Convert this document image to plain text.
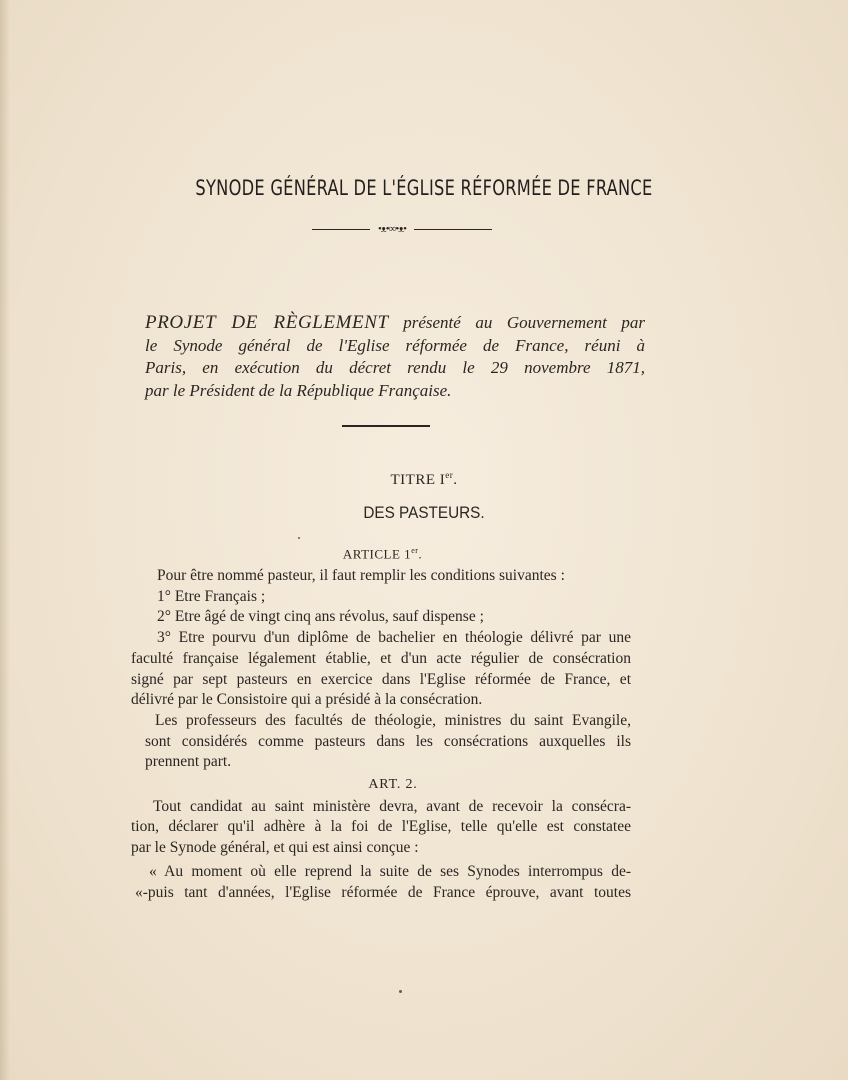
SYNODE GÉNÉRAL DE L'ÉGLISE RÉFORMÉE DE FRANCE
•ᴥ•∞•ᴥ•
PROJET DE RÈGLEMENT présenté au Gouvernement par
le Synode général de l'Eglise réformée de France, réuni à
Paris, en exécution du décret rendu le 29 novembre 1871,
par le Président de la République Française.
TITRE Ier.
DES PASTEURS.
ARTICLE 1er.
Pour être nommé pasteur, il faut remplir les conditions suivantes :
1° Etre Français ;
2° Etre âgé de vingt cinq ans révolus, sauf dispense ;
3° Etre pourvu d'un diplôme de bachelier en théologie délivré par une
faculté française légalement établie, et d'un acte régulier de consécration
signé par sept pasteurs en exercice dans l'Eglise réformée de France, et
délivré par le Consistoire qui a présidé à la consécration.
Les professeurs des facultés de théologie, ministres du saint Evangile,
sont considérés comme pasteurs dans les consécrations auxquelles ils
prennent part.
ART. 2.
Tout candidat au saint ministère devra, avant de recevoir la consécra-
tion, déclarer qu'il adhère à la foi de l'Eglise, telle qu'elle est constatee
par le Synode général, et qui est ainsi conçue :
« Au moment où elle reprend la suite de ses Synodes interrompus de-
«-puis tant d'années, l'Eglise réformée de France éprouve, avant toutes
